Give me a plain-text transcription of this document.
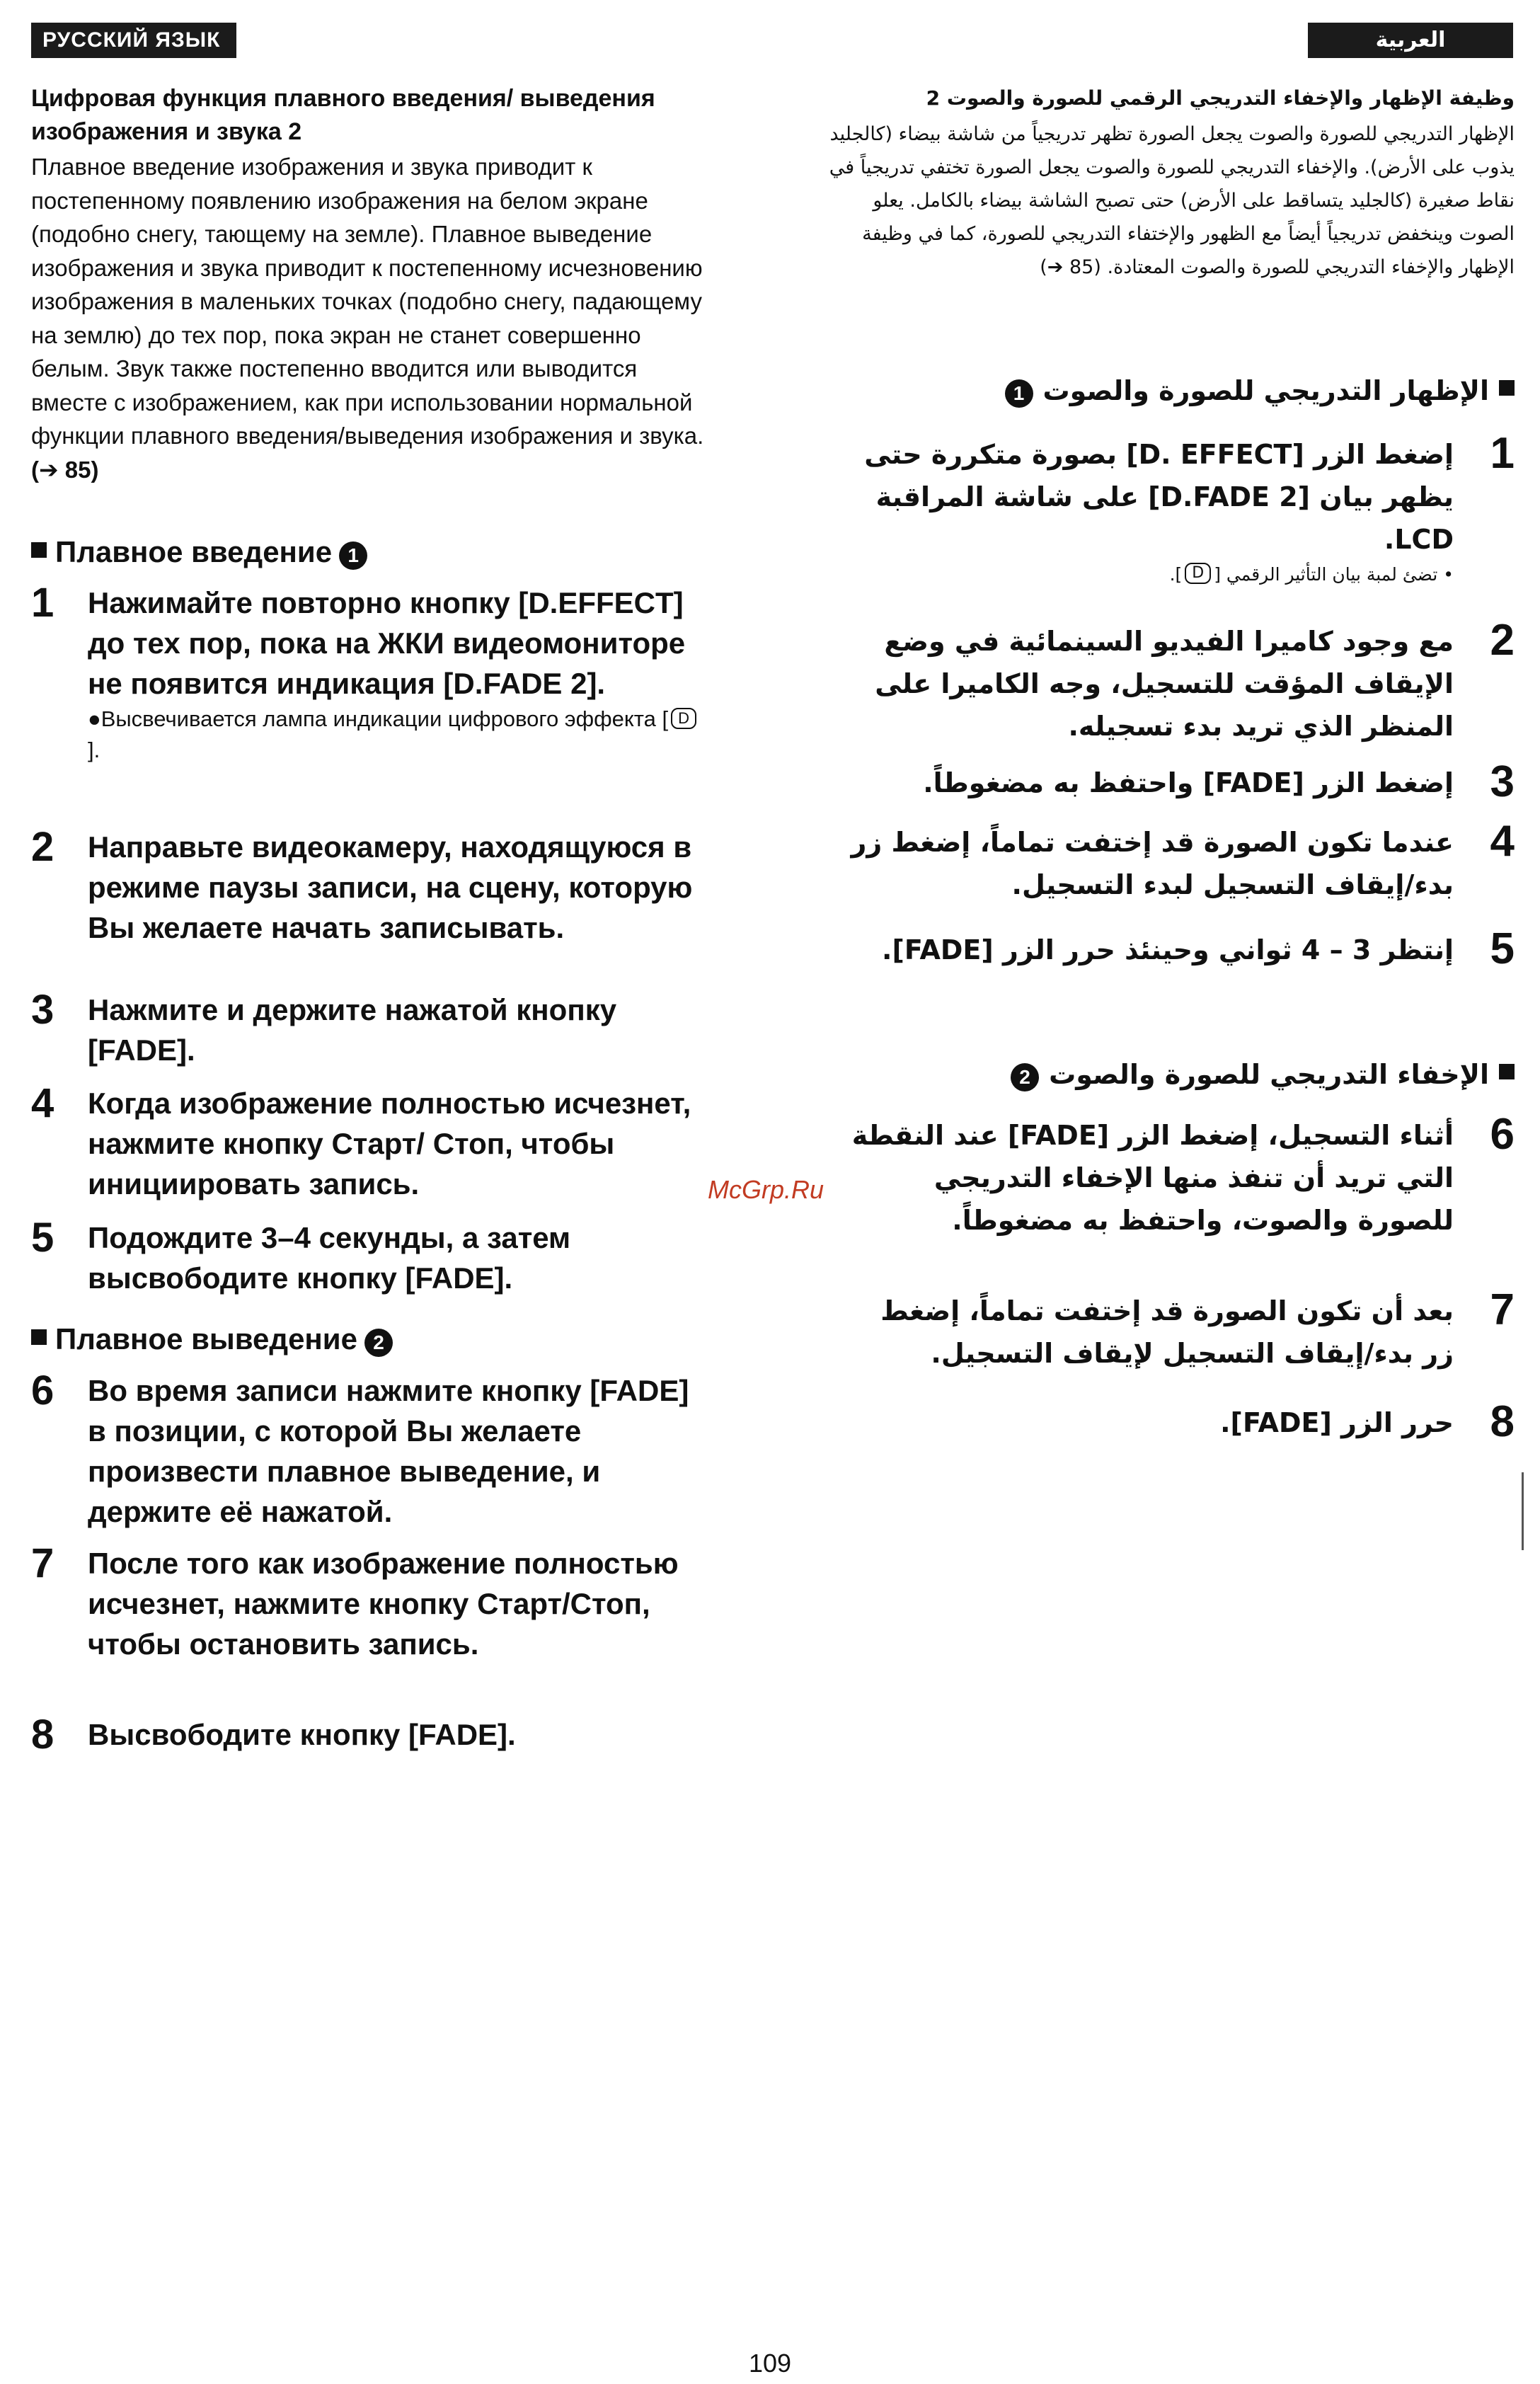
РУССКИЙ ЯЗЫК	العربية
Цифровая функция плавного введения/ выведения изображения и звука 2
Плавное введение изображения и звука приводит к постепенному появлению изображения на белом экране (подобно снегу, тающему на земле). Плавное выведение изображения и звука приводит к постепенному исчезновению изображения в маленьких точках (подобно снегу, падающему на землю) до тех пор, пока экран не станет совершенно белым. Звук также постепенно вводится или выводится вместе с изображением, как при использовании нормальной функции плавного введения/выведения изображения и звука. (➔ 85)
Плавное введение 1
1 Нажимайте повторно кнопку [D.EFFECT] до тех пор, пока на ЖКИ видеомониторе не появится индикация [D.FADE 2].
●Высвечивается лампа индикации цифрового эффекта [ D].
2 Направьте видеокамеру, находящуюся в режиме паузы записи, на сцену, которую Вы желаете начать записывать.
3 Нажмите и держите нажатой кнопку [FADE].
4 Когда изображение полностью исчезнет, нажмите кнопку Старт/ Стоп, чтобы инициировать запись.
5 Подождите 3–4 секунды, а затем высвободите кнопку [FADE].
Плавное выведение 2
6 Во время записи нажмите кнопку [FADE] в позиции, с которой Вы желаете произвести плавное выведение, и держите её нажатой.
7 После того как изображение полностью исчезнет, нажмите кнопку Старт/Стоп, чтобы остановить запись.
8 Высвободите кнопку [FADE].
وظيفة الإظهار والإخفاء التدريجي الرقمي للصورة والصوت 2
الإظهار التدريجي للصورة والصوت يجعل الصورة تظهر تدريجياً من شاشة بيضاء (كالجليد يذوب على الأرض). والإخفاء التدريجي للصورة والصوت يجعل الصورة تختفي تدريجياً في نقاط صغيرة (كالجليد يتساقط على الأرض) حتى تصبح الشاشة بيضاء بالكامل. يعلو الصوت وينخفض تدريجياً أيضاً مع الظهور والإختفاء التدريجي للصورة، كما في وظيفة الإظهار والإخفاء التدريجي للصورة والصوت المعتادة. (85 ➔)
الإظهار التدريجي للصورة والصوت1
1
إضغط الزر [D. EFFECT] بصورة متكررة حتى يظهر بيان [D.FADE 2] على شاشة المراقبة LCD.
• تضئ لمبة بيان التأثير الرقمي [D].
2
مع وجود كاميرا الفيديو السينمائية في وضع الإيقاف المؤقت للتسجيل، وجه الكاميرا على المنظر الذي تريد بدء تسجيله.
3
إضغط الزر [FADE] واحتفظ به مضغوطاً.
4
عندما تكون الصورة قد إختفت تماماً، إضغط زر بدء/إيقاف التسجيل لبدء التسجيل.
5
إنتظر 3 – 4 ثواني وحينئذ حرر الزر [FADE].
الإخفاء التدريجي للصورة والصوت2
6
أثناء التسجيل، إضغط الزر [FADE] عند النقطة التي تريد أن تنفذ منها الإخفاء التدريجي للصورة والصوت، واحتفظ به مضغوطاً.
7
بعد أن تكون الصورة قد إختفت تماماً، إضغط زر بدء/إيقاف التسجيل لإيقاف التسجيل.
8
حرر الزر [FADE].
McGrp.Ru
109
